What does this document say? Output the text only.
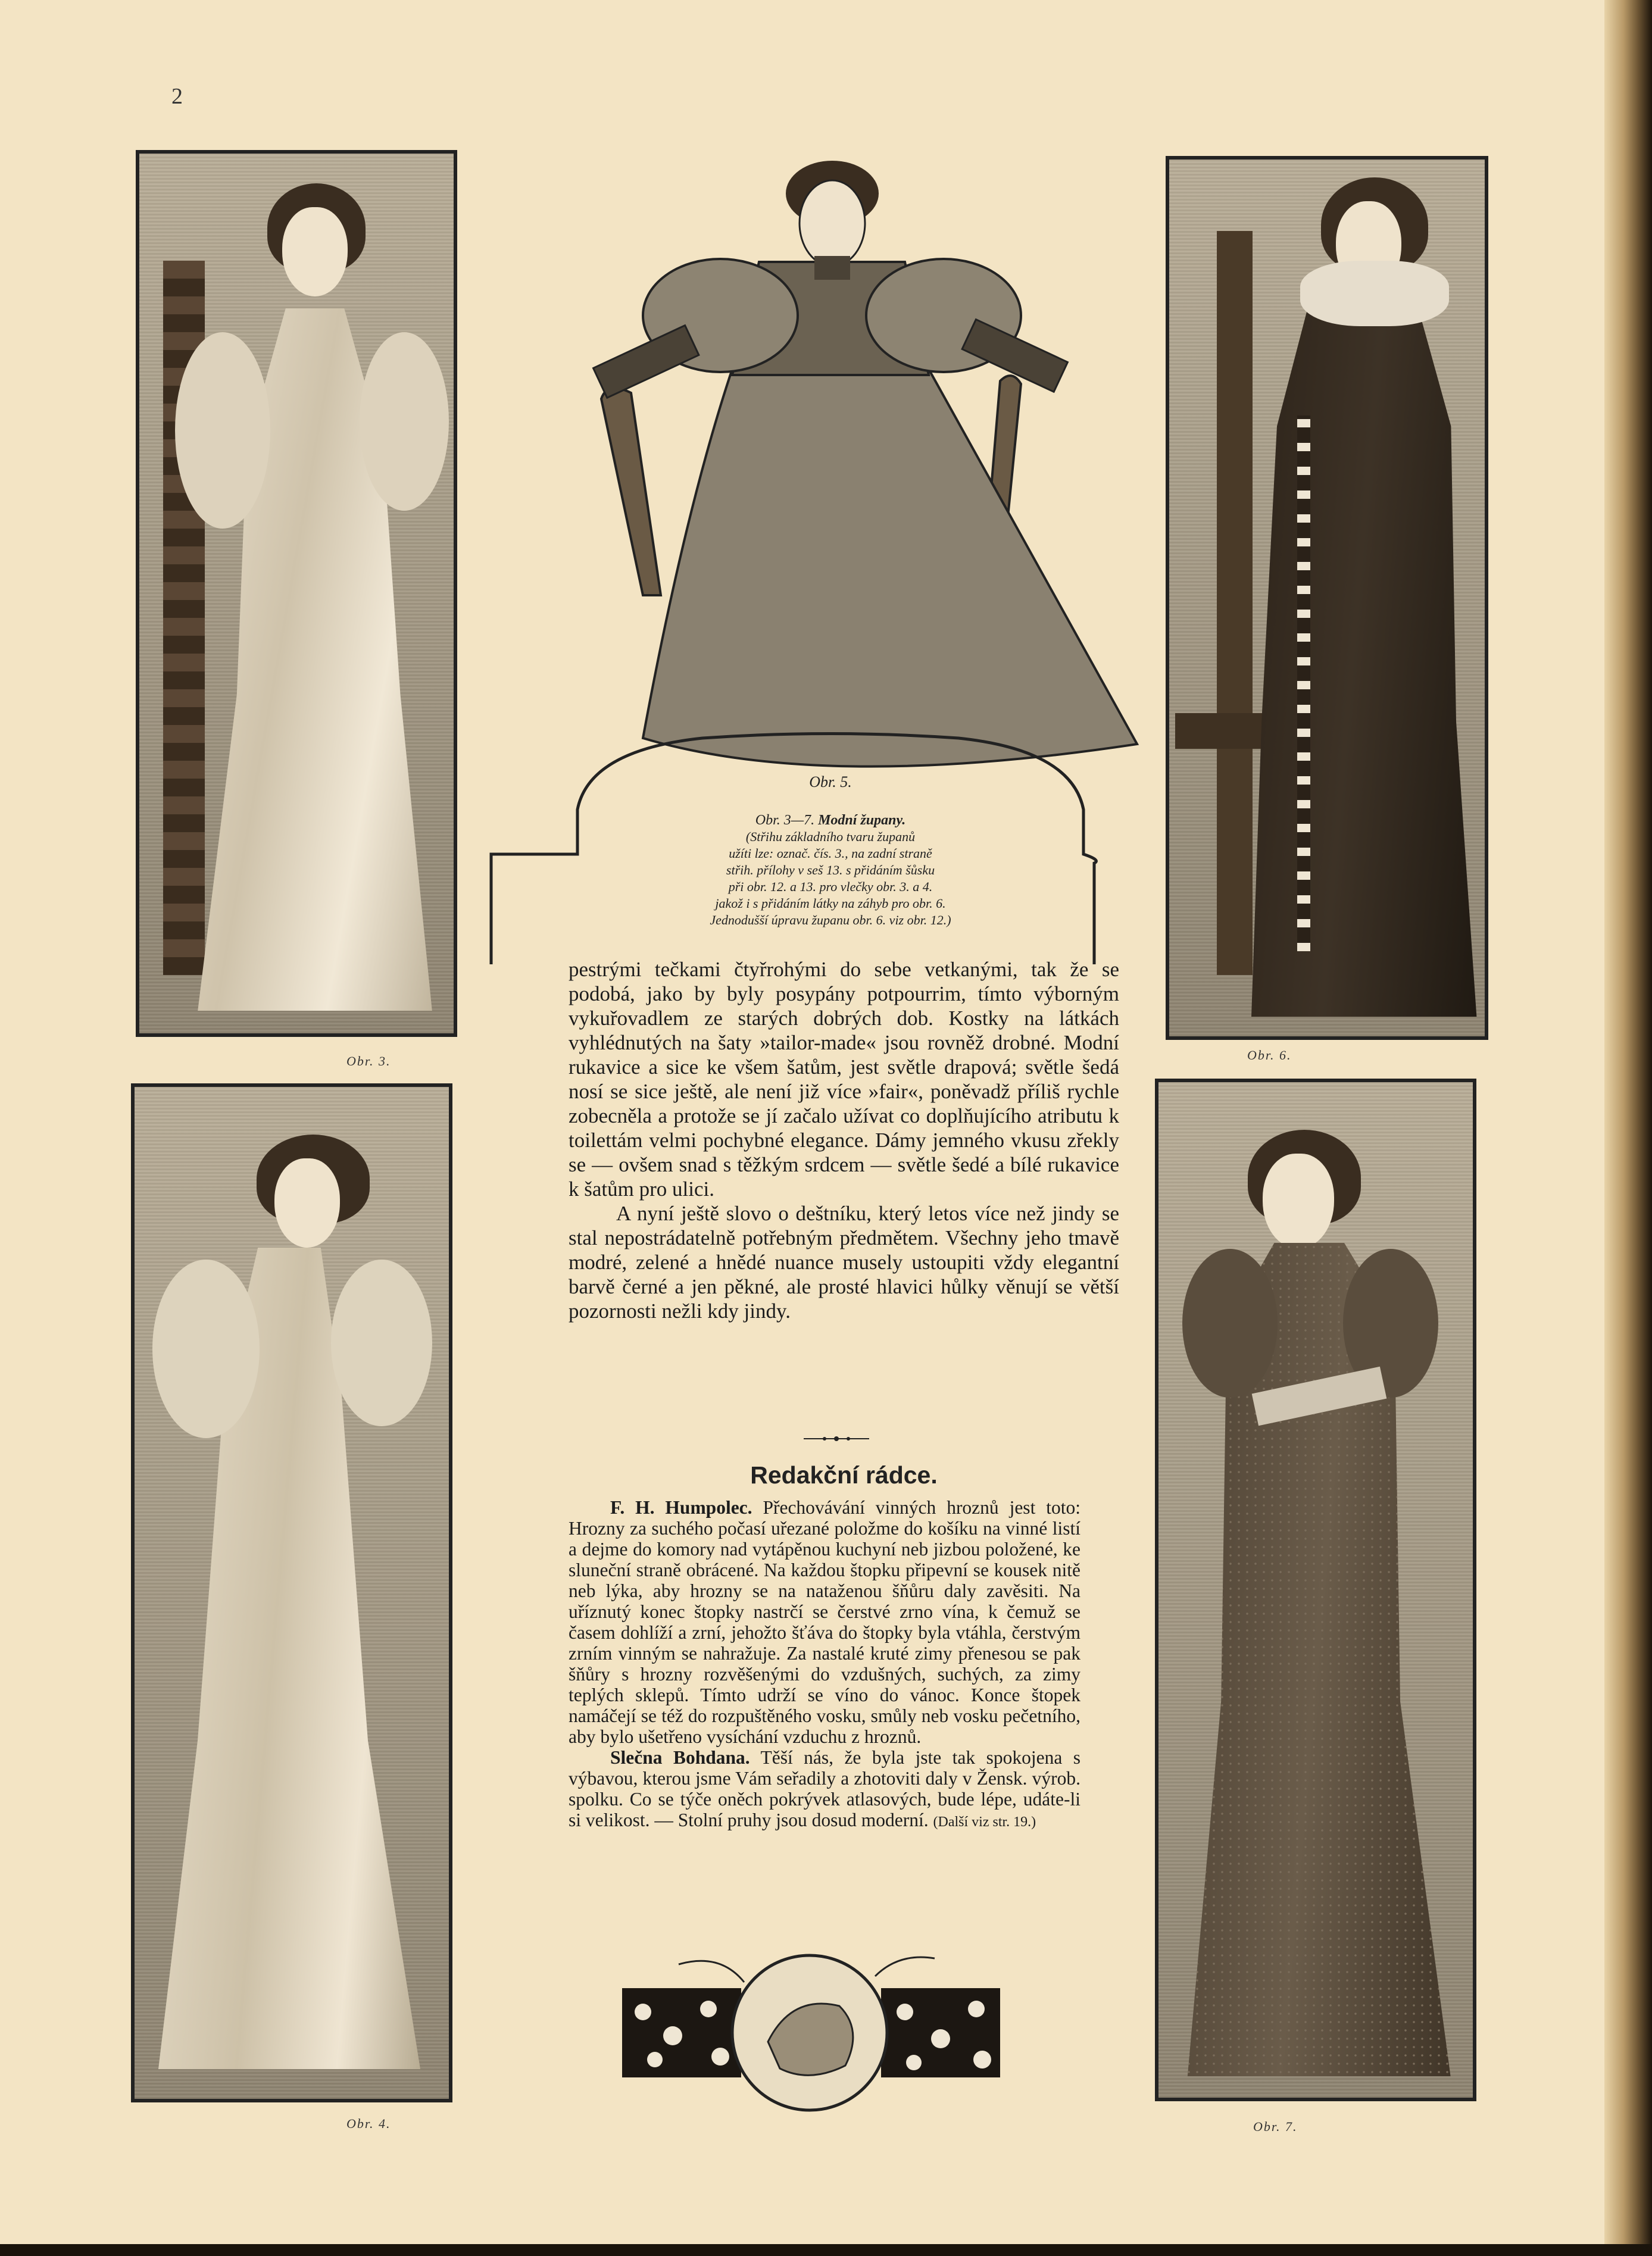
2
Obr. 3.
Obr. 4.
Obr. 6.
Obr. 7.
Obr. 5.
Obr. 3—7. Modní župany.
(Střihu základního tvaru županů
užíti lze: označ. čís. 3., na zadní straně
střih. přílohy v seš 13. s přidáním šůsku
při obr. 12. a 13. pro vlečky obr. 3. a 4.
jakož i s přidáním látky na záhyb pro obr. 6.
Jednodušší úpravu županu obr. 6. viz obr. 12.)

pestrými tečkami čtyřrohými do sebe vetkanými, tak že se podobá, jako by byly posypány potpourrim, tímto výborným vykuřovadlem ze starých dobrých dob. Kostky na látkách vyhlédnutých na šaty »tailor-made« jsou rovněž drobné. Modní rukavice a sice ke všem šatům, jest světle drapová; světle šedá nosí se sice ještě, ale není již více »fair«, poněvadž příliš rychle zobecněla a protože se jí začalo užívat co doplňujícího atributu k toilettám velmi pochybné elegance. Dámy jemného vkusu zřekly se — ovšem snad s těžkým srdcem — světle šedé a bílé rukavice k šatům pro ulici.

A nyní ještě slovo o deštníku, který letos více než jindy se stal nepostrádatelně potřebným předmětem. Všechny jeho tmavě modré, zelené a hnědé nuance musely ustoupiti vždy elegantní barvě černé a jen pěkné, ale prosté hlavici hůlky věnují se větší pozornosti nežli kdy jindy.

Redakční rádce.

F. H. Humpolec. Přechovávání vinných hroznů jest toto: Hrozny za suchého počasí uřezané položme do košíku na vinné listí a dejme do komory nad vytápěnou kuchyní neb jizbou položené, ke sluneční straně obrácené. Na každou štopku připevní se kousek nitě neb lýka, aby hrozny se na nataženou šňůru daly zavěsiti. Na uříznutý konec štopky nastrčí se čerstvé zrno vína, k čemuž se časem dohlíží a zrní, jehožto šťáva do štopky byla vtáhla, čerstvým zrním vinným se nahražuje. Za nastalé kruté zimy přenesou se pak šňůry s hrozny rozvěšenými do vzdušných, suchých, za zimy teplých sklepů. Tímto udrží se víno do vánoc. Konce štopek namáčejí se též do rozpuštěného vosku, smůly neb vosku pečetního, aby bylo ušetřeno vysíchání vzduchu z hroznů.

Slečna Bohdana. Těší nás, že byla jste tak spokojena s výbavou, kterou jsme Vám seřadily a zhotoviti daly v Žensk. výrob. spolku. Co se týče oněch pokrývek atlasových, bude lépe, udáte-li si velikost. — Stolní pruhy jsou dosud moderní. (Další viz str. 19.)
